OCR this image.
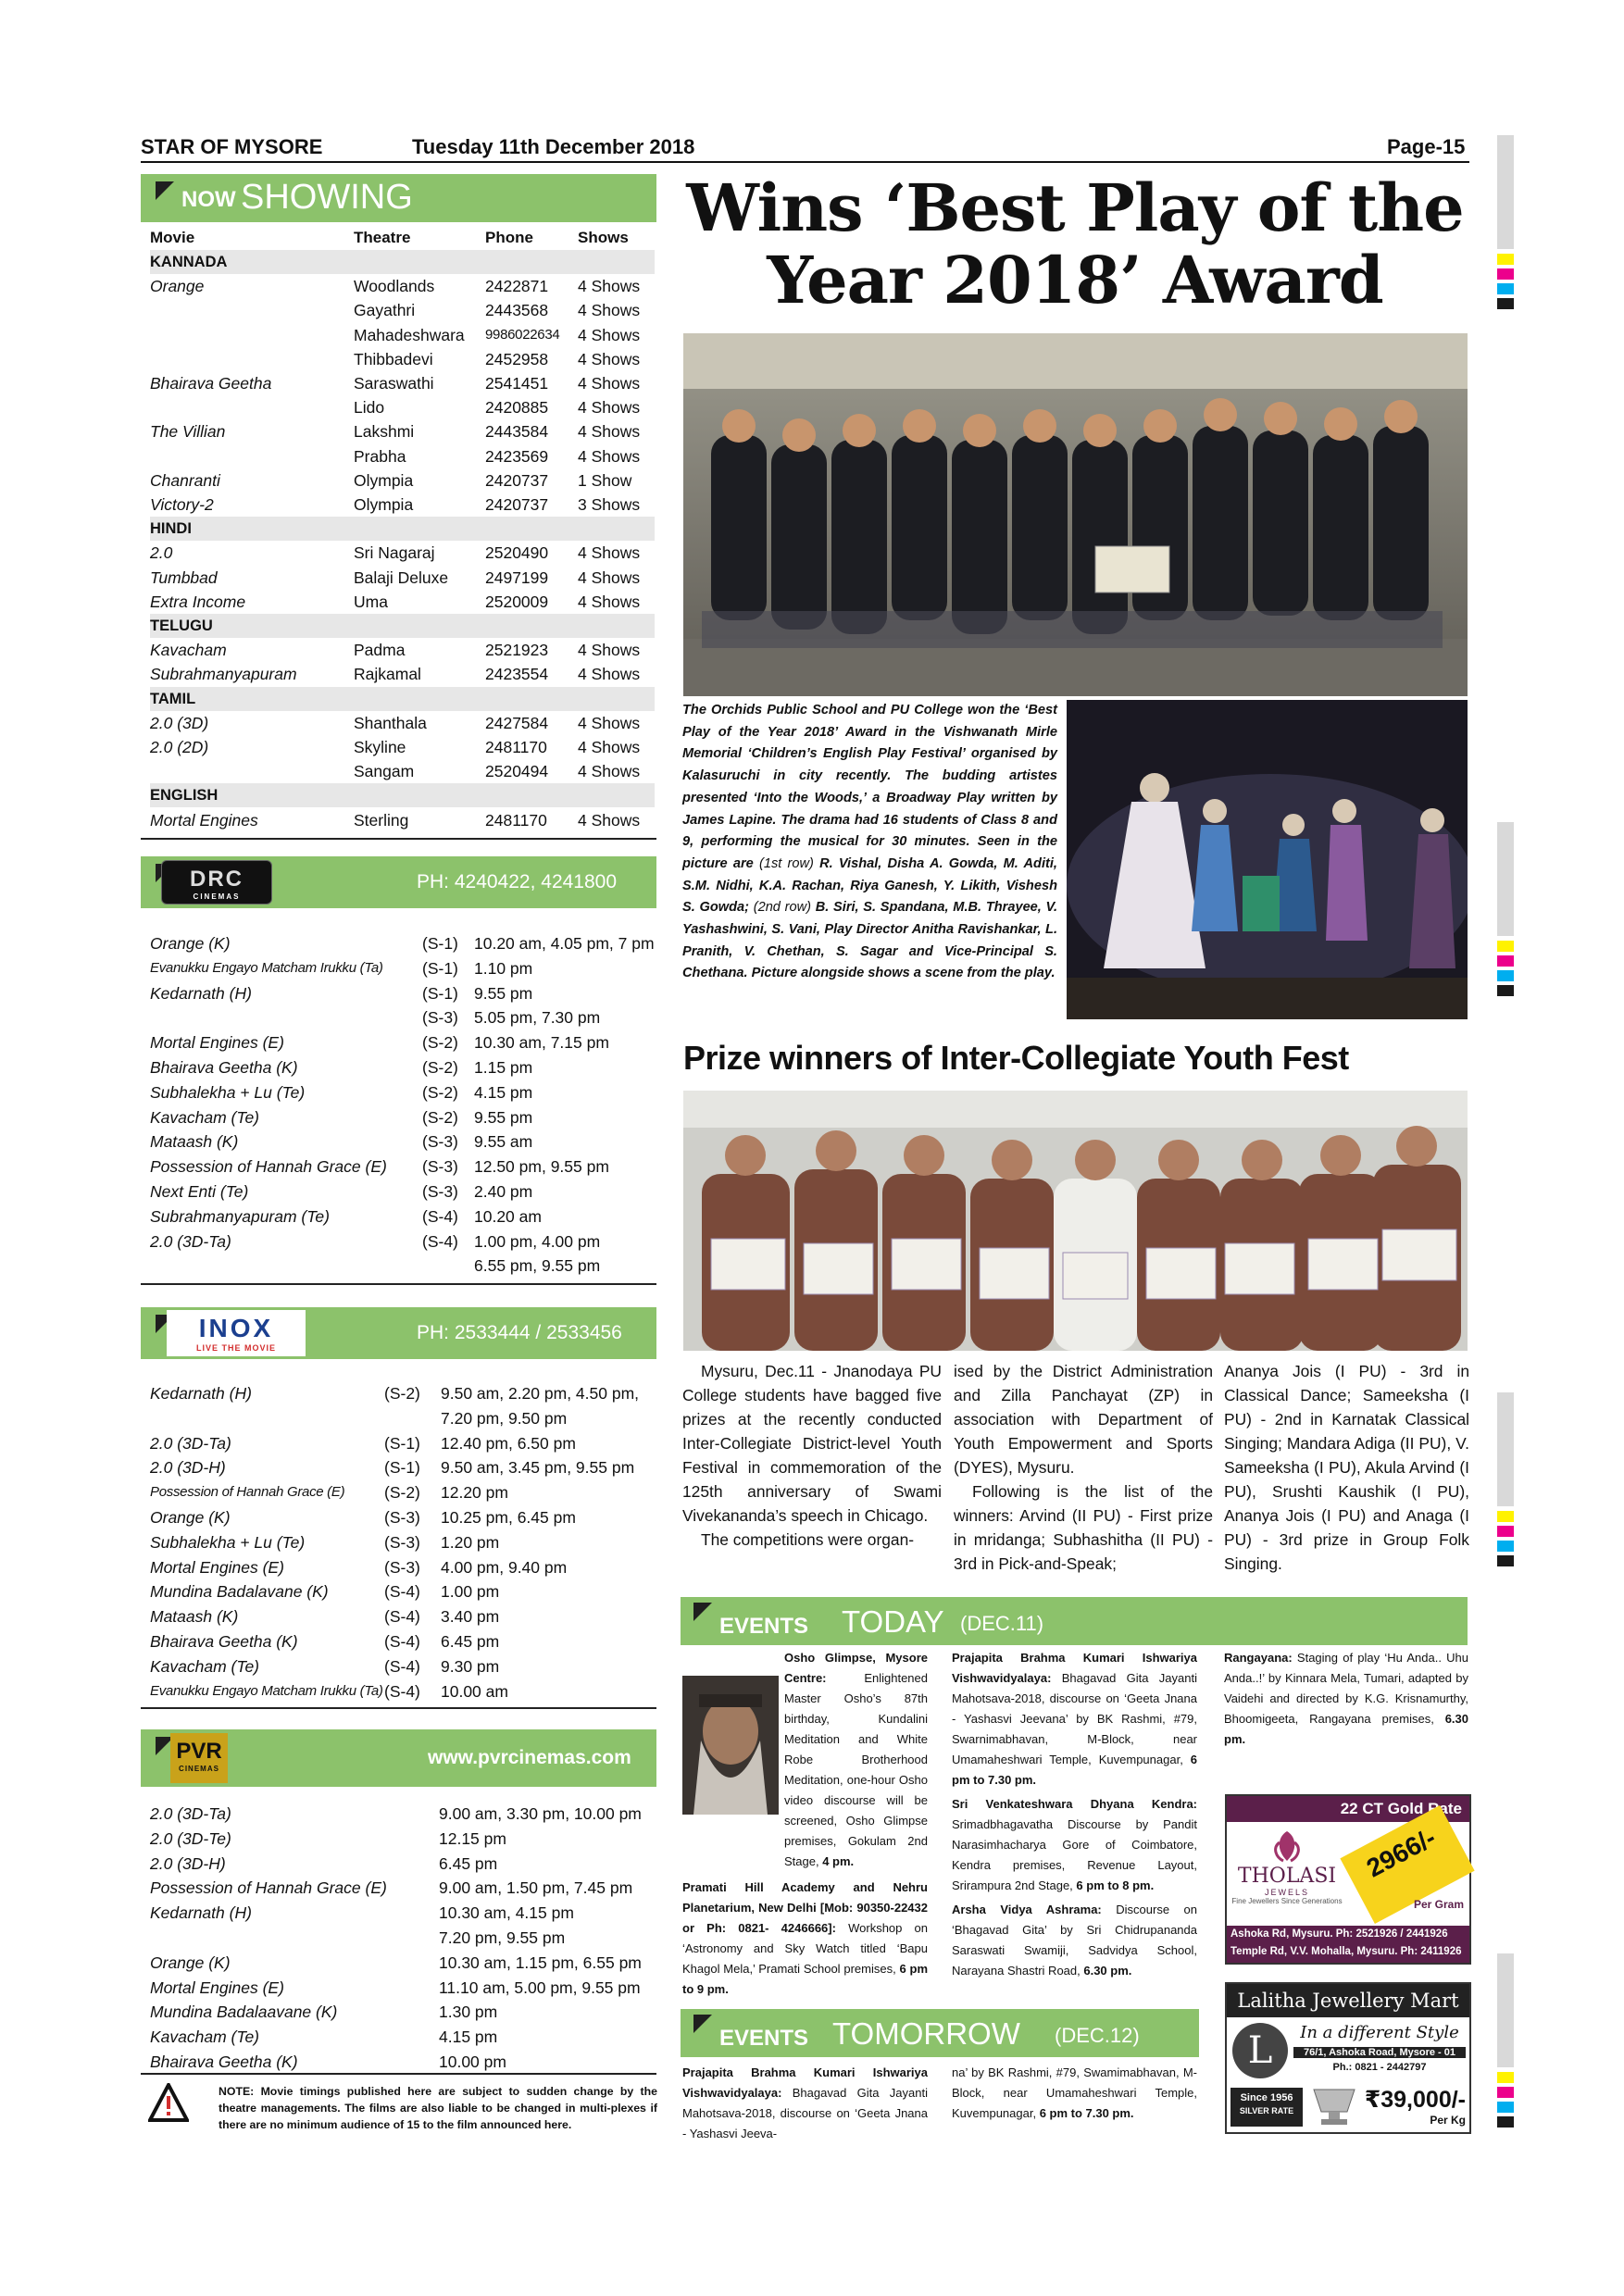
STAR OF MYSORE	Tuesday 11th December 2018	Page-15
NOW SHOWING
Movie	Theatre	Phone	Shows
KANNADA
Orange	Woodlands	2422871 4 Shows
Gayathri	2443568 4 Shows
Mahadeshwara 9986022634 4 Shows
Thibbadevi	2452958 4 Shows
Bhairava Geetha	Saraswathi	2541451 4 Shows
Lido	2420885 4 Shows
The Villian	Lakshmi	2443584 4 Shows
Prabha	2423569 4 Shows
Chanranti	Olympia	2420737 1 Show
Victory-2	Olympia	2420737 3 Shows
HINDI
2.0	Sri Nagaraj	2520490 4 Shows
Tumbbad	Balaji Deluxe 2497199 4 Shows
Extra Income	Uma	2520009 4 Shows
TELUGU
Kavacham	Padma	2521923 4 Shows
Subrahmanyapuram	Rajkamal	2423554 4 Shows
TAMIL
2.0 (3D)	Shanthala	2427584 4 Shows
2.0 (2D)	Skyline	2481170 4 Shows
Sangam	2520494 4 Shows
ENGLISH
Mortal Engines	Sterling	2481170 4 Shows
DRC
CINEMAS
PH: 4240422, 4241800
Orange (K)	(S-1) 10.20 am, 4.05 pm, 7 pm
Evanukku Engayo Matcham Irukku (Ta) (S-1) 1.10 pm
Kedarnath (H)	(S-1) 9.55 pm
(S-3) 5.05 pm, 7.30 pm
Mortal Engines (E)	(S-2) 10.30 am, 7.15 pm
Bhairava Geetha (K)	(S-2) 1.15 pm
Subhalekha + Lu (Te)	(S-2) 4.15 pm
Kavacham (Te)	(S-2) 9.55 pm
Mataash (K)	(S-3) 9.55 am
Possession of Hannah Grace (E) (S-3) 12.50 pm, 9.55 pm
Next Enti (Te)	(S-3) 2.40 pm
Subrahmanyapuram (Te)	(S-4) 10.20 am
2.0 (3D-Ta)	(S-4) 1.00 pm, 4.00 pm
6.55 pm, 9.55 pm
INOX
LIVE THE MOVIE
PH: 2533444 / 2533456
Kedarnath (H)	(S-2) 9.50 am, 2.20 pm, 4.50 pm,
7.20 pm, 9.50 pm
2.0 (3D-Ta)	(S-1) 12.40 pm, 6.50 pm
2.0 (3D-H)	(S-1) 9.50 am, 3.45 pm, 9.55 pm
Possession of Hannah Grace (E) (S-2) 12.20 pm
Orange (K)	(S-3) 10.25 pm, 6.45 pm
Subhalekha + Lu (Te)	(S-3) 1.20 pm
Mortal Engines (E)	(S-3) 4.00 pm, 9.40 pm
Mundina Badalavane (K)	(S-4) 1.00 pm
Mataash (K)	(S-4) 3.40 pm
Bhairava Geetha (K)	(S-4) 6.45 pm
Kavacham (Te)	(S-4) 9.30 pm
Evanukku Engayo Matcham Irukku (Ta) (S-4) 10.00 am
PVR
CINEMAS
www.pvrcinemas.com
2.0 (3D-Ta)	9.00 am, 3.30 pm, 10.00 pm
2.0 (3D-Te)	12.15 pm
2.0 (3D-H)	6.45 pm
Possession of Hannah Grace (E)	9.00 am, 1.50 pm, 7.45 pm
Kedarnath (H)	10.30 am, 4.15 pm
7.20 pm, 9.55 pm
Orange (K)	10.30 am, 1.15 pm, 6.55 pm
Mortal Engines (E)	11.10 am, 5.00 pm, 9.55 pm
Mundina Badalaavane (K)	1.30 pm
Kavacham (Te)	4.15 pm
Bhairava Geetha (K)	10.00 pm
NOTE: Movie timings published here are subject to sudden change by the theatre managements. The films are also liable to be changed in multi-plexes if there are no minimum audience of 15 to the film announced here.
Wins ‘Best Play of the
Year 2018’ Award
The Orchids Public School and PU College won the ‘Best Play of the Year 2018’ Award in the Vishwanath Mirle Memorial ‘Children’s English Play Festival’ organised by Kalasuruchi in city recently. The budding artistes presented ‘Into the Woods,’ a Broadway Play written by James Lapine. The drama had 16 students of Class 8 and 9, performing the musical for 30 minutes. Seen in the picture are (1st row) R. Vishal, Disha A. Gowda, M. Aditi, S.M. Nidhi, K.A. Rachan, Riya Ganesh, Y. Likith, Vishesh S. Gowda; (2nd row) B. Siri, S. Spandana, M.B. Thrayee, V. Yashashwini, S. Vani, Play Director Anitha Ravishankar, L. Pranith, V. Chethan, S. Sagar and Vice-Principal S. Chethana. Picture alongside shows a scene from the play.
Prize winners of Inter-Collegiate Youth Fest
Mysuru, Dec.11 - Jnanodaya PU College students have bagged five prizes at the recently conducted Inter-Collegiate District-level Youth Festival in commemoration of the 125th anniversary of Swami Vivekananda’s speech in Chicago.
The competitions were organ-
ised by the District Administration and Zilla Panchayat (ZP) in association with Department of Youth Empowerment and Sports (DYES), Mysuru.
Following is the list of the winners: Arvind (II PU) - First prize in mridanga; Subhashitha (II PU) - 3rd in Pick-and-Speak;
Ananya Jois (I PU) - 3rd in Classical Dance; Sameeksha (I PU) - 2nd in Karnatak Classical Singing; Mandara Adiga (II PU), V. Sameeksha (I PU), Akula Arvind (I PU), Srushti Kaushik (I PU), Ananya Jois (I PU) and Anaga (I PU) - 3rd prize in Group Folk Singing.
EVENTS TODAY (DEC.11)
Osho Glimpse, Mysore Centre: Enlightened Master Osho’s 87th birthday, Kundalini Meditation and White Robe Brotherhood Meditation, one-hour Osho video discourse will be screened, Osho Glimpse premises, Gokulam 2nd Stage, 4 pm.
Pramati Hill Academy and Nehru Planetarium, New Delhi [Mob: 90350-22432 or Ph: 0821- 4246666]: Workshop on ‘Astronomy and Sky Watch titled ‘Bapu Khagol Mela,’ Pramati School premises, 6 pm to 9 pm.
Prajapita Brahma Kumari Ishwariya Vishwavidyalaya: Bhagavad Gita Jayanti Mahotsava-2018, discourse on ‘Geeta Jnana - Yashasvi Jeevana’ by BK Rashmi, #79, Swarnimabhavan, M-Block, near Umamaheshwari Temple, Kuvempunagar, 6 pm to 7.30 pm.
Sri Venkateshwara Dhyana Kendra: Srimadbhagavatha Discourse by Pandit Narasimhacharya Gore of Coimbatore, Kendra premises, Revenue Layout, Srirampura 2nd Stage, 6 pm to 8 pm.
Arsha Vidya Ashrama: Discourse on ‘Bhagavad Gita’ by Sri Chidrupananda Saraswati Swamiji, Sadvidya School, Narayana Shastri Road, 6.30 pm.
Rangayana: Staging of play ‘Hu Anda.. Uhu Anda..!’ by Kinnara Mela, Tumari, adapted by Vaidehi and directed by K.G. Krisnamurthy, Bhoomigeeta, Rangayana premises, 6.30 pm.
EVENTS TOMORROW (DEC.12)
Prajapita Brahma Kumari Ishwariya Vishwavidyalaya: Bhagavad Gita Jayanti Mahotsava-2018, discourse on ‘Geeta Jnana - Yashasvi Jeeva-
na’ by BK Rashmi, #79, Swamimabhavan, M-Block, near Umamaheshwari Temple, Kuvempunagar, 6 pm to 7.30 pm.
22 CT Gold Rate
THOLASI
JEWELS
Fine Jewellers Since Generations
2966/-
Per Gram
Ashoka Rd, Mysuru. Ph: 2521926 / 2441926
Temple Rd, V.V. Mohalla, Mysuru. Ph: 2411926
Lalitha Jewellery Mart
L	In a different Style
76/1, Ashoka Road, Mysore - 01
Ph.: 0821 - 2442797
Since 1956
SILVER RATE	₹39,000/-
Per Kg
